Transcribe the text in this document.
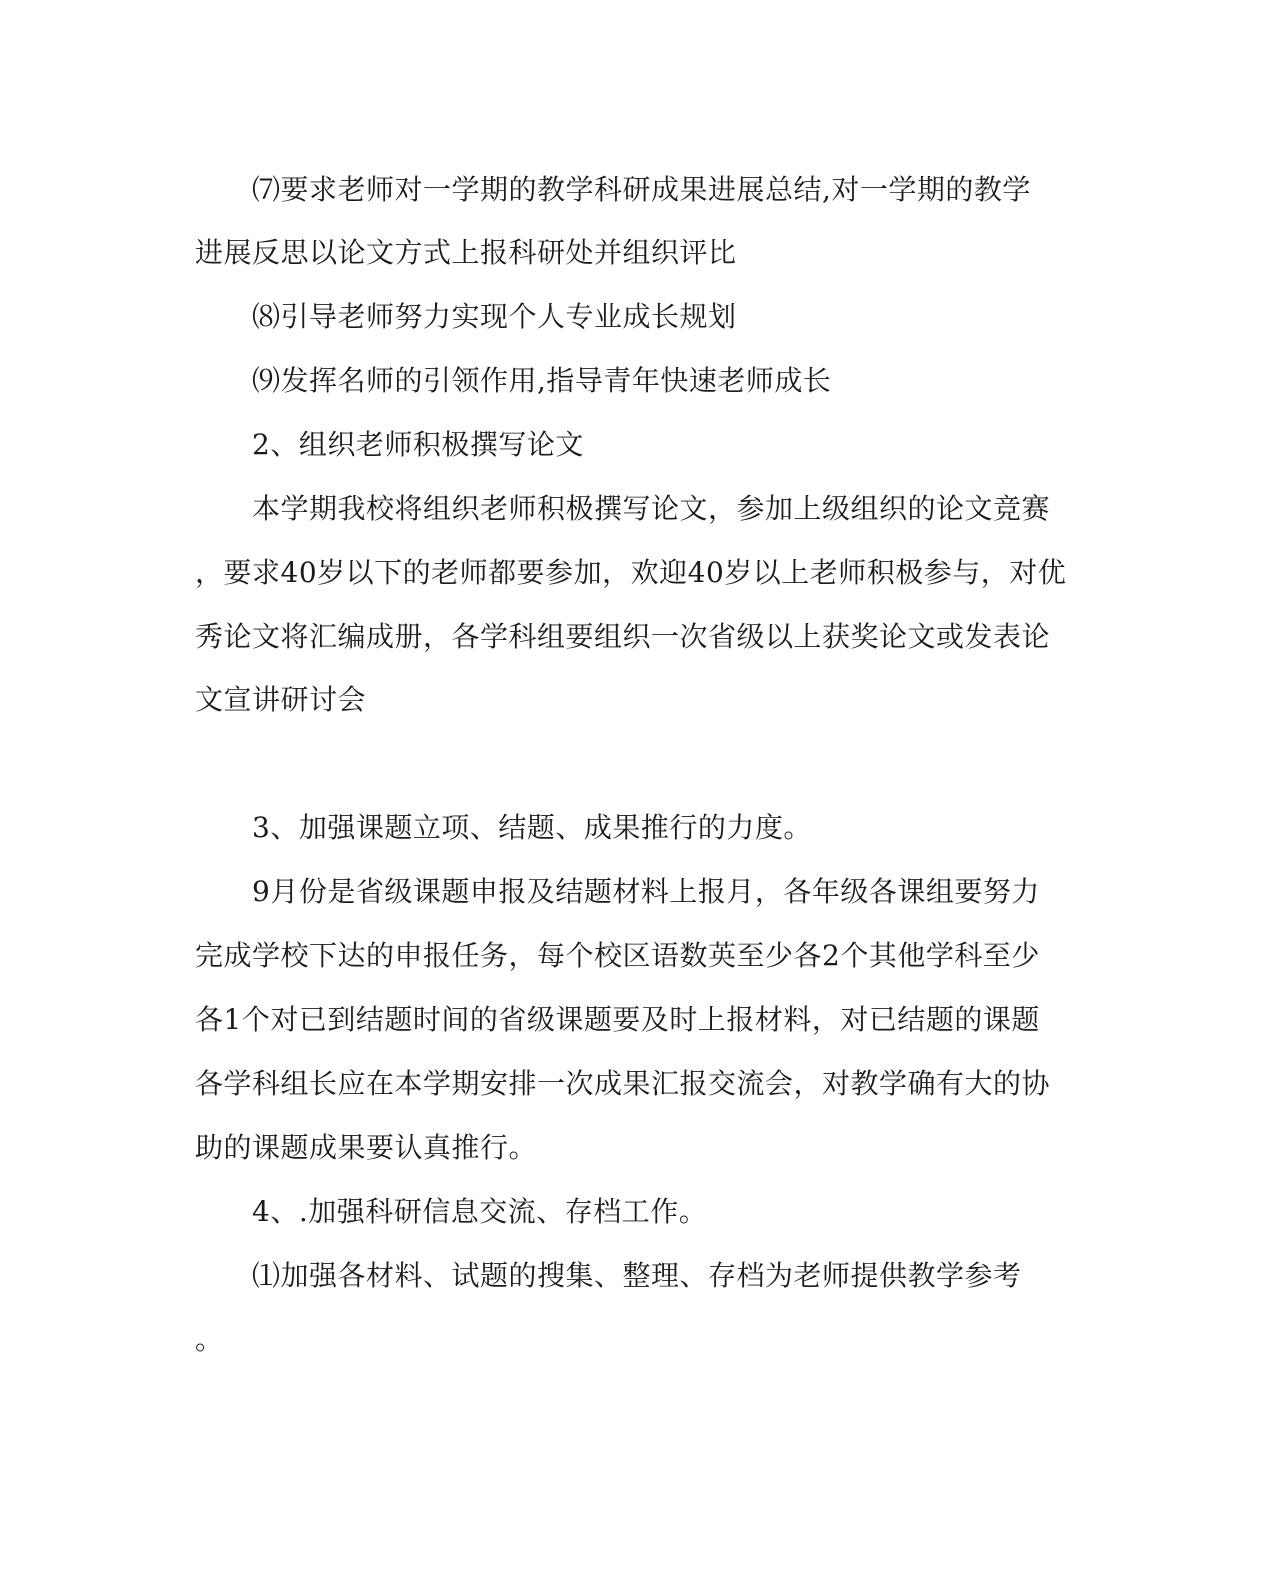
⑺要求老师对一学期的教学科研成果进展总结,对一学期的教学
进展反思以论文方式上报科研处并组织评比
⑻引导老师努力实现个人专业成长规划
⑼发挥名师的引领作用,指导青年快速老师成长
2、组织老师积极撰写论文
本学期我校将组织老师积极撰写论文，参加上级组织的论文竞赛
，要求40岁以下的老师都要参加，欢迎40岁以上老师积极参与，对优
秀论文将汇编成册，各学科组要组织一次省级以上获奖论文或发表论
文宣讲研讨会
3、加强课题立项、结题、成果推行的力度。
9月份是省级课题申报及结题材料上报月，各年级各课组要努力
完成学校下达的申报任务，每个校区语数英至少各2个其他学科至少
各1个对已到结题时间的省级课题要及时上报材料，对已结题的课题
各学科组长应在本学期安排一次成果汇报交流会，对教学确有大的协
助的课题成果要认真推行。
4、.加强科研信息交流、存档工作。
⑴加强各材料、试题的搜集、整理、存档为老师提供教学参考
。
